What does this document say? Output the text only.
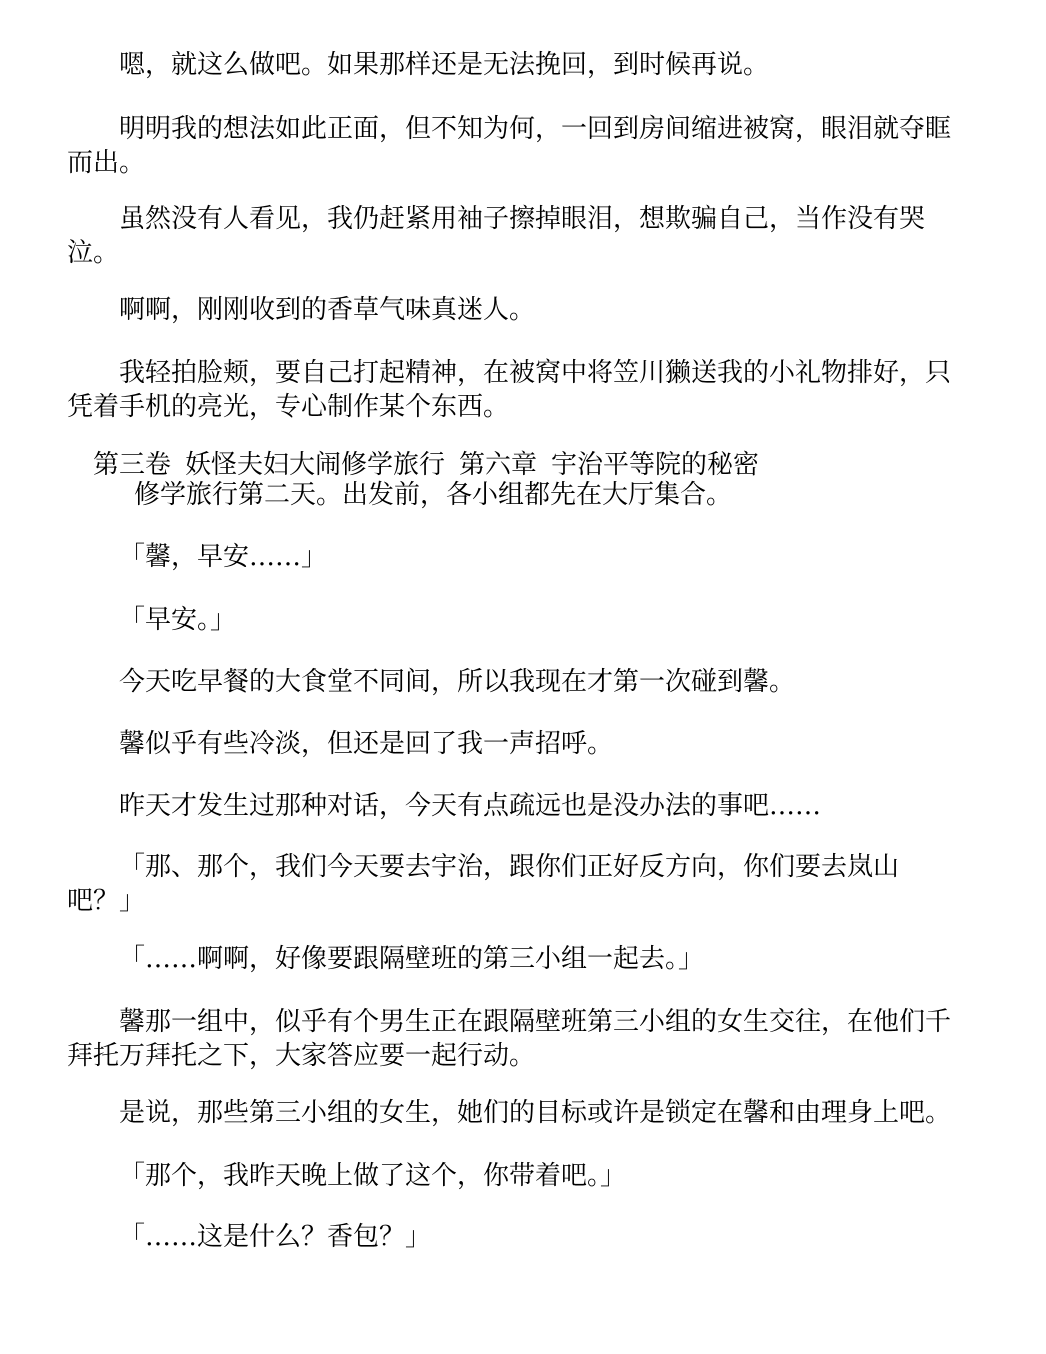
嗯，就这么做吧。如果那样还是无法挽回，到时候再说。

明明我的想法如此正面，但不知为何，一回到房间缩进被窝，眼泪就夺眶
而出。

虽然没有人看见，我仍赶紧用袖子擦掉眼泪，想欺骗自己，当作没有哭
泣。

啊啊，刚刚收到的香草气味真迷人。

我轻拍脸颊，要自己打起精神，在被窝中将笠川獭送我的小礼物排好，只
凭着手机的亮光，专心制作某个东西。

第三卷 妖怪夫妇大闹修学旅行 第六章 宇治平等院的秘密

修学旅行第二天。出发前，各小组都先在大厅集合。

「馨，早安……」

「早安。」

今天吃早餐的大食堂不同间，所以我现在才第一次碰到馨。

馨似乎有些冷淡，但还是回了我一声招呼。

昨天才发生过那种对话，今天有点疏远也是没办法的事吧……

「那、那个，我们今天要去宇治，跟你们正好反方向，你们要去岚山
吧？」

「……啊啊，好像要跟隔壁班的第三小组一起去。」

馨那一组中，似乎有个男生正在跟隔壁班第三小组的女生交往，在他们千
拜托万拜托之下，大家答应要一起行动。

是说，那些第三小组的女生，她们的目标或许是锁定在馨和由理身上吧。

「那个，我昨天晚上做了这个，你带着吧。」

「……这是什么？香包？」
